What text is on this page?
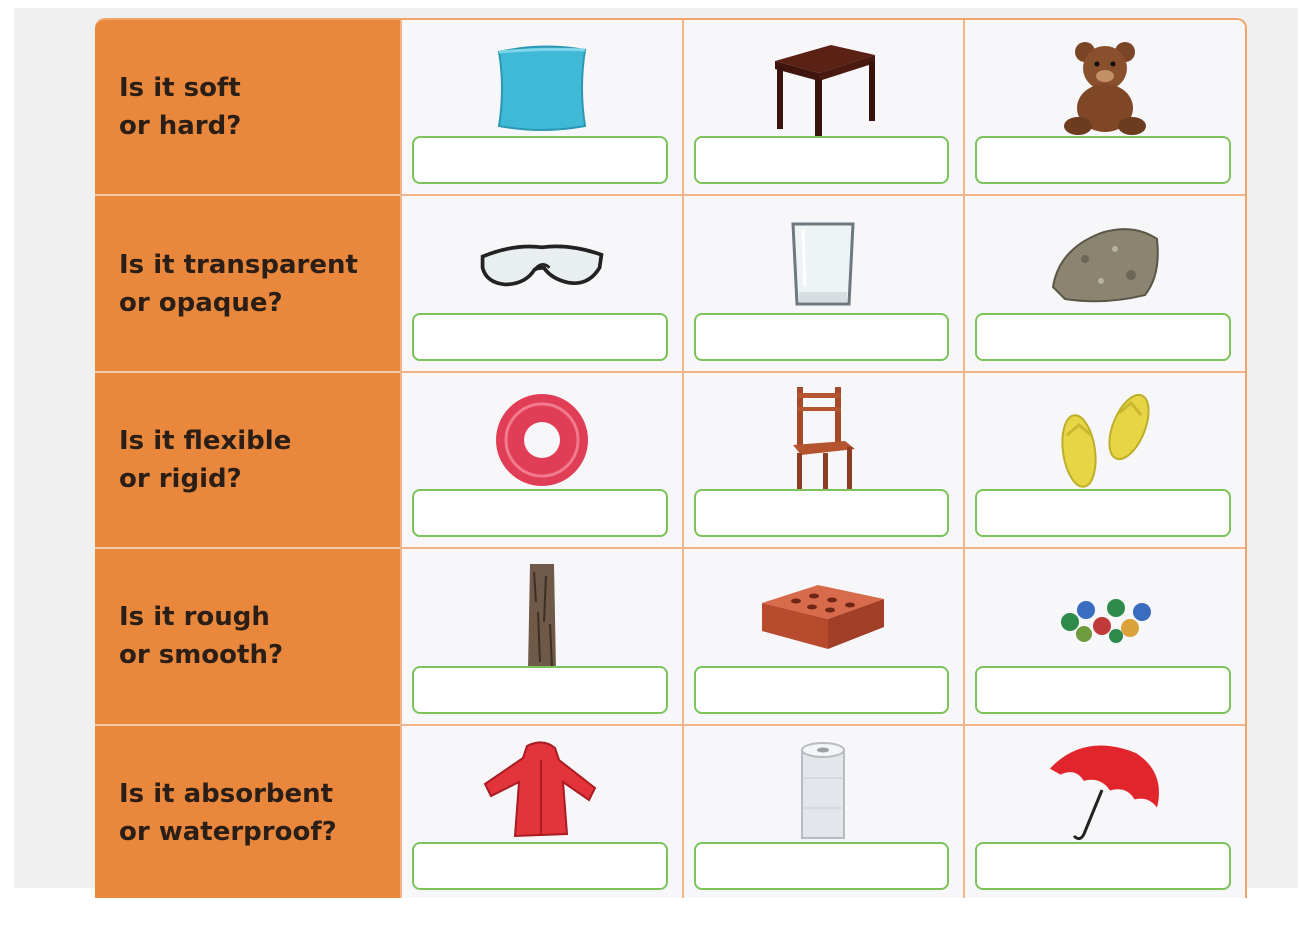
Is it soft
or hard?
Is it transparent
or opaque?
Is it flexible
or rigid?
Is it rough
or smooth?
Is it absorbent
or waterproof?
